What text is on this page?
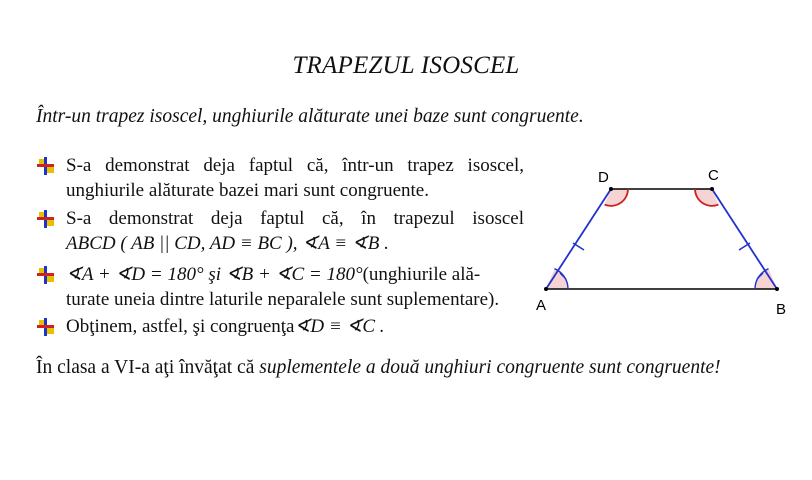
TRAPEZUL ISOSCEL
Într-un trapez isoscel, unghiurile alăturate unei baze sunt congruente.
S-a demonstrat deja faptul că, într-un trapez isoscel,
unghiurile alăturate bazei mari sunt congruente.
S-a demonstrat deja faptul că, în trapezul isoscel
ABCD ( AB || CD, AD ≡ BC ), ∢A ≡ ∢B .
∢A + ∢D = 180° şi ∢B + ∢C = 180°(unghiurile ală-
turate uneia dintre laturile neparalele sunt suplementare).
Obţinem, astfel, şi congruenţa∢D ≡ ∢C .
În clasa a VI-a aţi învăţat că suplementele a două unghiuri congruente sunt congruente!
D	C
A	B
